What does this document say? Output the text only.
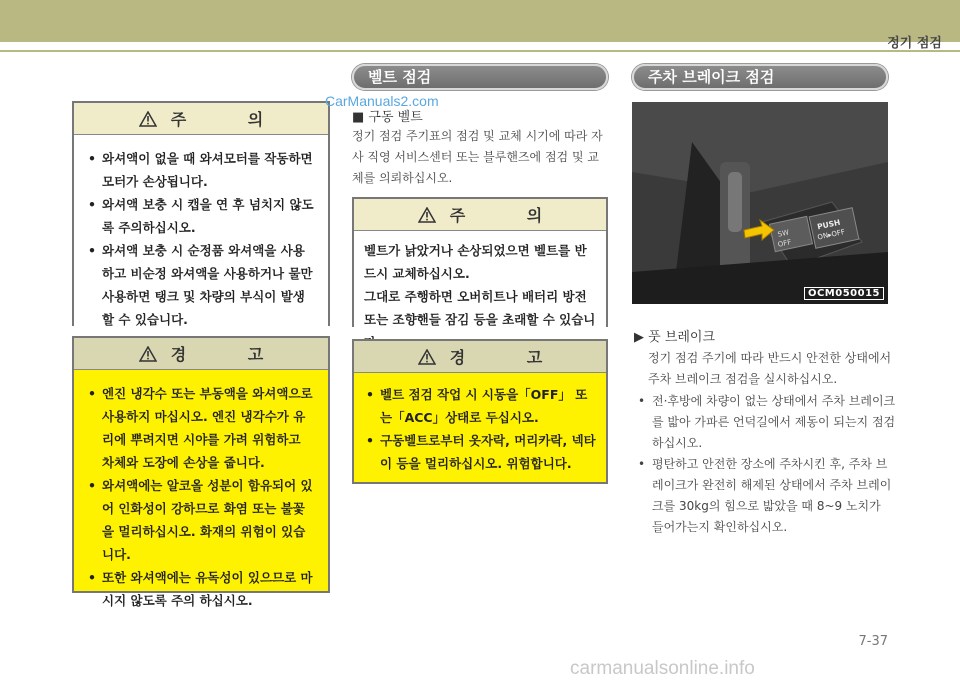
정기 점검
주 의
• 와셔액이 없을 때 와셔모터를 작동하면 모터가 손상됩니다.
• 와셔액 보충 시 캡을 연 후 넘치지 않도록 주의하십시오.
• 와셔액 보충 시 순정품 와셔액을 사용하고 비순정 와셔액을 사용하거나 물만 사용하면 탱크 및 차량의 부식이 발생할 수 있습니다.
경 고
• 엔진 냉각수 또는 부동액을 와셔액으로 사용하지 마십시오. 엔진 냉각수가 유리에 뿌려지면 시야를 가려 위험하고 차체와 도장에 손상을 줍니다.
• 와셔액에는 알코올 성분이 함유되어 있어 인화성이 강하므로 화염 또는 불꽃을 멀리하십시오. 화재의 위험이 있습니다.
• 또한 와셔액에는 유독성이 있으므로 마시지 않도록 주의 하십시오.
벨트 점검
CarManuals2.com
■ 구동 벨트
정기 점검 주기표의 점검 및 교체 시기에 따라 자사 직영 서비스센터 또는 블루핸즈에 점검 및 교체를 의뢰하십시오.
주 의
벨트가 낡았거나 손상되었으면 벨트를 반드시 교체하십시오.
그대로 주행하면 오버히트나 배터리 방전 또는 조향핸들 잠김 등을 초래할 수 있습니
경 고
• 벨트 점검 작업 시 시동을「OFF」 또는「ACC」상태로 두십시오.
• 구동벨트로부터 옷자락, 머리카락, 넥타이 등을 멀리하십시오. 위험합니다.
주차 브레이크 점검
SW
OFF
PUSH
ON▸OFF
OCM050015
▶ 풋 브레이크
정기 점검 주기에 따라 반드시 안전한 상태에서 주차 브레이크 점검을 실시하십시오.
• 전·후방에 차량이 없는 상태에서 주차 브레이크를 밟아 가파른 언덕길에서 제동이 되는지 점검하십시오.
• 평탄하고 안전한 장소에 주차시킨 후, 주차 브레이크가 완전히 해제된 상태에서 주차 브레이크를 30kg의 힘으로 밟았을 때 8~9 노치가 들어가는지 확인하십시오.
7-37
carmanualsonline.info
